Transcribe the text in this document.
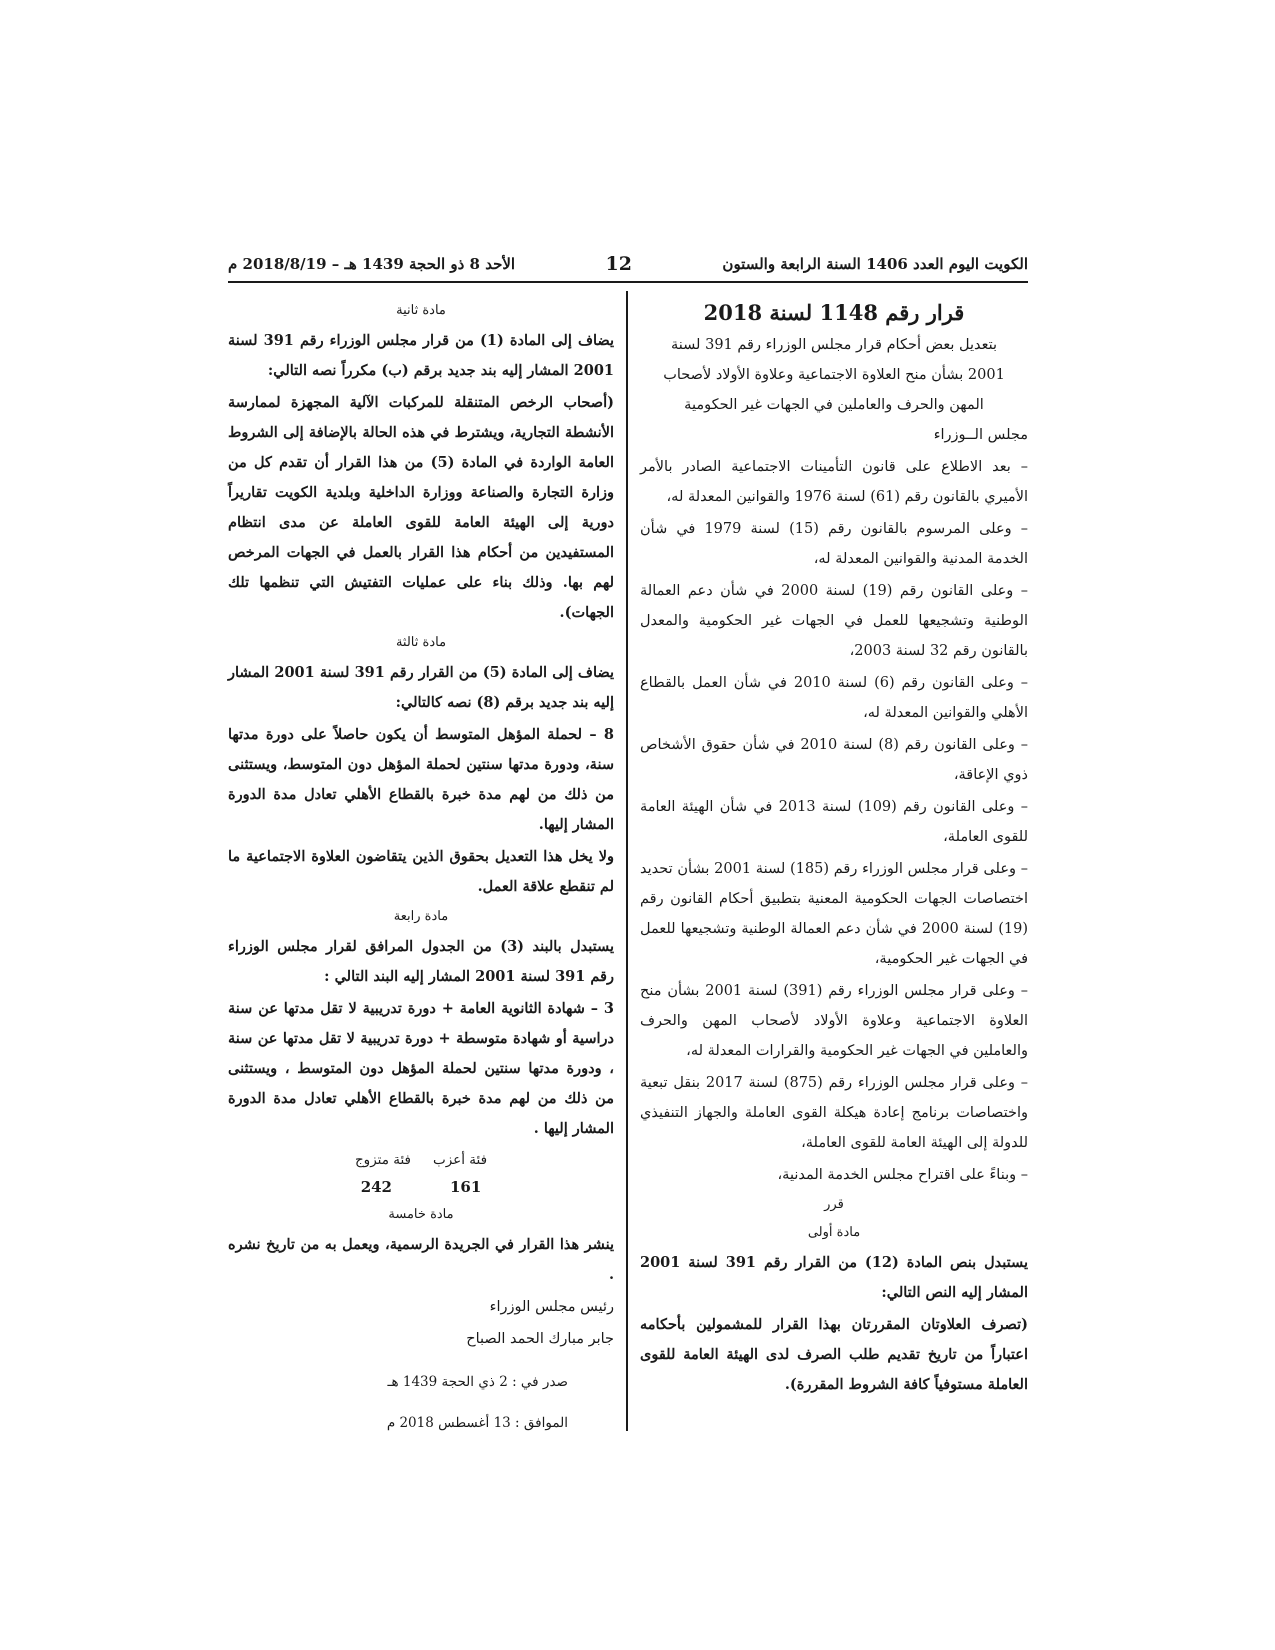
الكويت اليوم العدد 1406 السنة الرابعة والستون
12
الأحد 8 ذو الحجة 1439 هـ – 2018/8/19 م

قرار رقم 1148 لسنة 2018

بتعديل بعض أحكام قرار مجلس الوزراء رقم 391 لسنة 2001 بشأن منح العلاوة الاجتماعية وعلاوة الأولاد لأصحاب المهن والحرف والعاملين في الجهات غير الحكومية

مجلس الــوزراء

– بعد الاطلاع على قانون التأمينات الاجتماعية الصادر بالأمر الأميري بالقانون رقم (61) لسنة 1976 والقوانين المعدلة له،

– وعلى المرسوم بالقانون رقم (15) لسنة 1979 في شأن الخدمة المدنية والقوانين المعدلة له،

– وعلى القانون رقم (19) لسنة 2000 في شأن دعم العمالة الوطنية وتشجيعها للعمل في الجهات غير الحكومية والمعدل بالقانون رقم 32 لسنة 2003،

– وعلى القانون رقم (6) لسنة 2010 في شأن العمل بالقطاع الأهلي والقوانين المعدلة له،

– وعلى القانون رقم (8) لسنة 2010 في شأن حقوق الأشخاص ذوي الإعاقة،

– وعلى القانون رقم (109) لسنة 2013 في شأن الهيئة العامة للقوى العاملة،

– وعلى قرار مجلس الوزراء رقم (185) لسنة 2001 بشأن تحديد اختصاصات الجهات الحكومية المعنية بتطبيق أحكام القانون رقم (19) لسنة 2000 في شأن دعم العمالة الوطنية وتشجيعها للعمل في الجهات غير الحكومية،

– وعلى قرار مجلس الوزراء رقم (391) لسنة 2001 بشأن منح العلاوة الاجتماعية وعلاوة الأولاد لأصحاب المهن والحرف والعاملين في الجهات غير الحكومية والقرارات المعدلة له،

– وعلى قرار مجلس الوزراء رقم (875) لسنة 2017 بنقل تبعية واختصاصات برنامج إعادة هيكلة القوى العاملة والجهاز التنفيذي للدولة إلى الهيئة العامة للقوى العاملة،

– وبناءً على اقتراح مجلس الخدمة المدنية،

قرر

مادة أولى

يستبدل بنص المادة (12) من القرار رقم 391 لسنة 2001 المشار إليه النص التالي:

(تصرف العلاوتان المقررتان بهذا القرار للمشمولين بأحكامه اعتباراً من تاريخ تقديم طلب الصرف لدى الهيئة العامة للقوى العاملة مستوفياً كافة الشروط المقررة).

مادة ثانية

يضاف إلى المادة (1) من قرار مجلس الوزراء رقم 391 لسنة 2001 المشار إليه بند جديد برقم (ب) مكرراً نصه التالي:

(أصحاب الرخص المتنقلة للمركبات الآلية المجهزة لممارسة الأنشطة التجارية، ويشترط في هذه الحالة بالإضافة إلى الشروط العامة الواردة في المادة (5) من هذا القرار أن تقدم كل من وزارة التجارة والصناعة ووزارة الداخلية وبلدية الكويت تقاريراً دورية إلى الهيئة العامة للقوى العاملة عن مدى انتظام المستفيدين من أحكام هذا القرار بالعمل في الجهات المرخص لهم بها. وذلك بناء على عمليات التفتيش التي تنظمها تلك الجهات).

مادة ثالثة

يضاف إلى المادة (5) من القرار رقم 391 لسنة 2001 المشار إليه بند جديد برقم (8) نصه كالتالي:

8 – لحملة المؤهل المتوسط أن يكون حاصلاً على دورة مدتها سنة، ودورة مدتها سنتين لحملة المؤهل دون المتوسط، ويستثنى من ذلك من لهم مدة خبرة بالقطاع الأهلي تعادل مدة الدورة المشار إليها.

ولا يخل هذا التعديل بحقوق الذين يتقاضون العلاوة الاجتماعية ما لم تنقطع علاقة العمل.

مادة رابعة

يستبدل بالبند (3) من الجدول المرافق لقرار مجلس الوزراء رقم 391 لسنة 2001 المشار إليه البند التالي :

3 – شهادة الثانوية العامة + دورة تدريبية لا تقل مدتها عن سنة دراسية أو شهادة متوسطة + دورة تدريبية لا تقل مدتها عن سنة ، ودورة مدتها سنتين لحملة المؤهل دون المتوسط ، ويستثنى من ذلك من لهم مدة خبرة بالقطاع الأهلي تعادل مدة الدورة المشار إليها .

فئة أعزب
فئة متزوج
161
242

مادة خامسة

ينشر هذا القرار في الجريدة الرسمية، ويعمل به من تاريخ نشره .

رئيس مجلس الوزراء

جابر مبارك الحمد الصباح

صدر في : 2 ذي الحجة 1439 هـ

الموافق : 13 أغسطس 2018 م
